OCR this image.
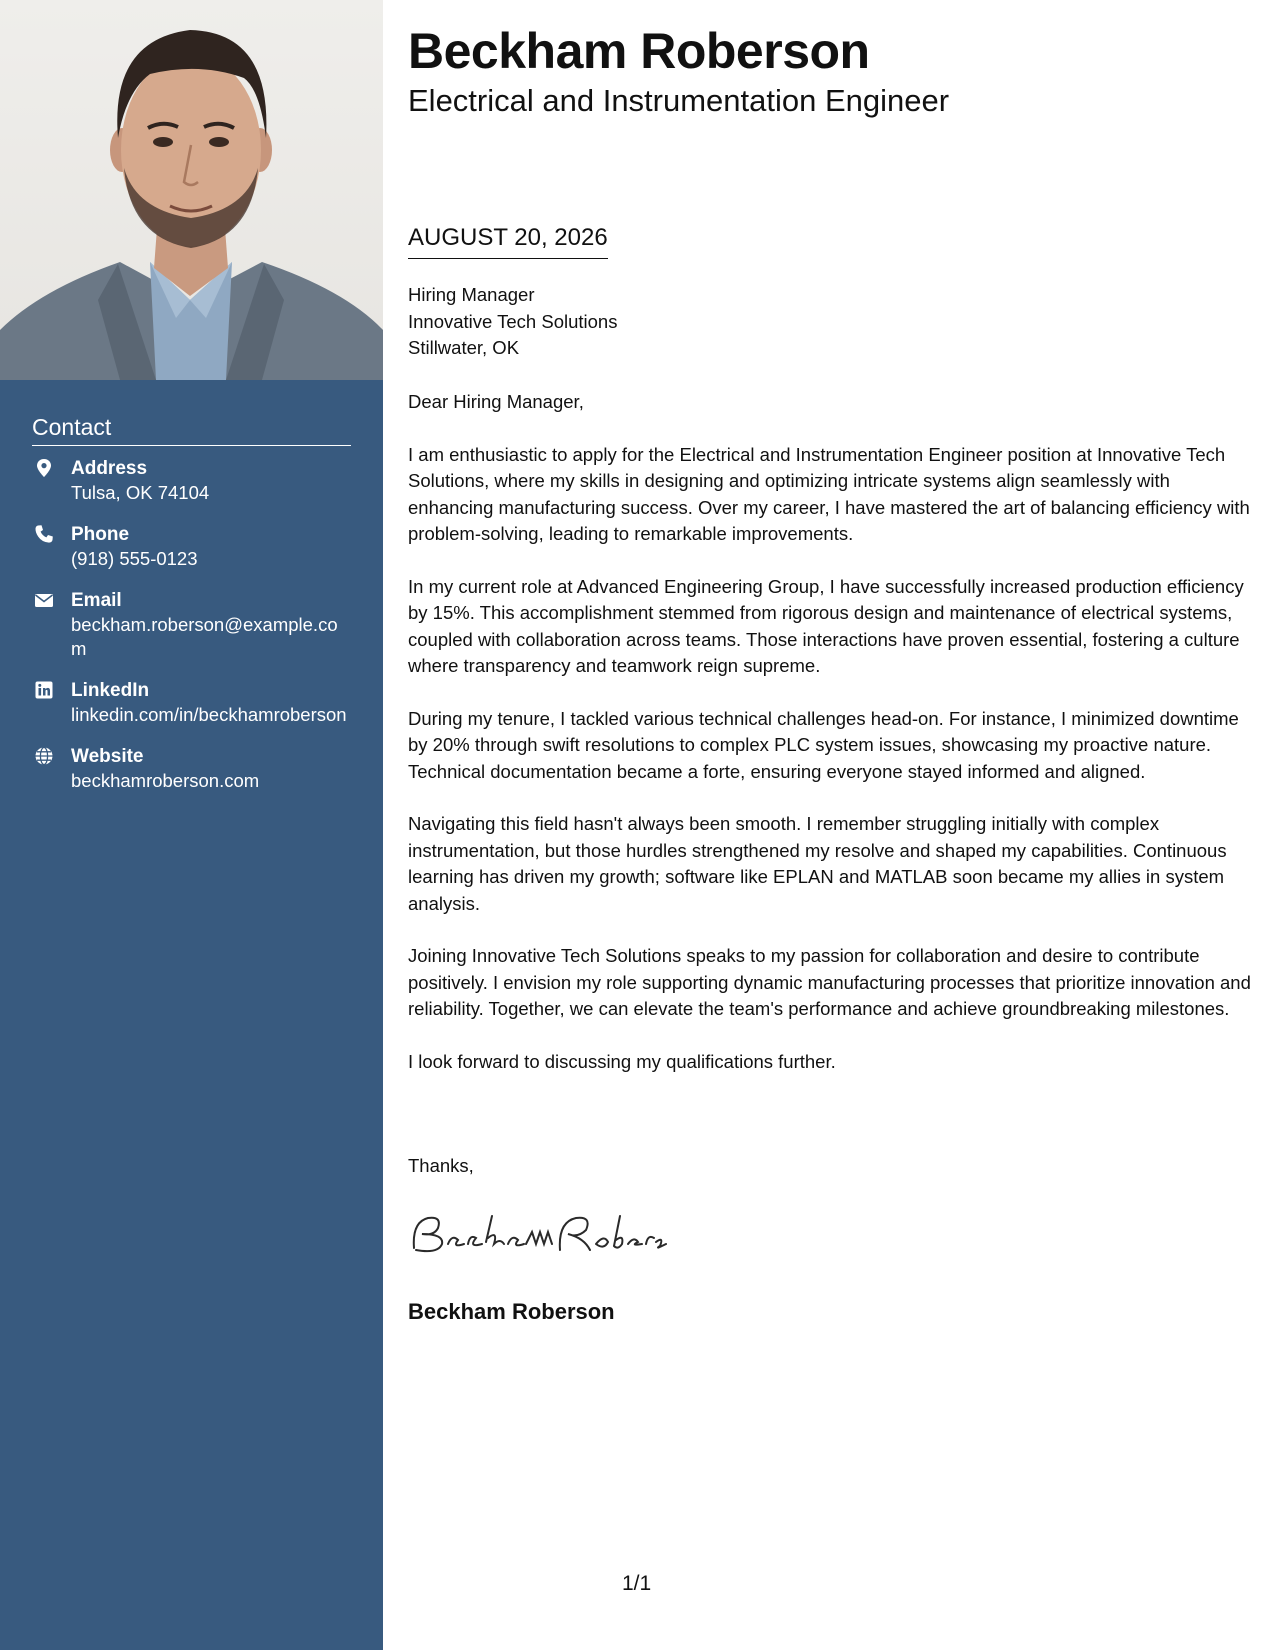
Contact
Address
Tulsa, OK 74104
Phone
(918) 555-0123
Email
beckham.roberson@example.com
LinkedIn
linkedin.com/in/beckhamroberson
Website
beckhamroberson.com
Beckham Roberson
Electrical and Instrumentation Engineer
AUGUST 20, 2026
Hiring Manager
Innovative Tech Solutions
Stillwater, OK

Dear Hiring Manager,

I am enthusiastic to apply for the Electrical and Instrumentation Engineer position at Innovative Tech Solutions, where my skills in designing and optimizing intricate systems align seamlessly with enhancing manufacturing success. Over my career, I have mastered the art of balancing efficiency with problem-solving, leading to remarkable improvements.

In my current role at Advanced Engineering Group, I have successfully increased production efficiency by 15%. This accomplishment stemmed from rigorous design and maintenance of electrical systems, coupled with collaboration across teams. Those interactions have proven essential, fostering a culture where transparency and teamwork reign supreme.

During my tenure, I tackled various technical challenges head-on. For instance, I minimized downtime by 20% through swift resolutions to complex PLC system issues, showcasing my proactive nature. Technical documentation became a forte, ensuring everyone stayed informed and aligned.

Navigating this field hasn't always been smooth. I remember struggling initially with complex instrumentation, but those hurdles strengthened my resolve and shaped my capabilities. Continuous learning has driven my growth; software like EPLAN and MATLAB soon became my allies in system analysis.

Joining Innovative Tech Solutions speaks to my passion for collaboration and desire to contribute positively. I envision my role supporting dynamic manufacturing processes that prioritize innovation and reliability. Together, we can elevate the team's performance and achieve groundbreaking milestones.

I look forward to discussing my qualifications further.

Thanks,
Beckham Roberson
1/1
